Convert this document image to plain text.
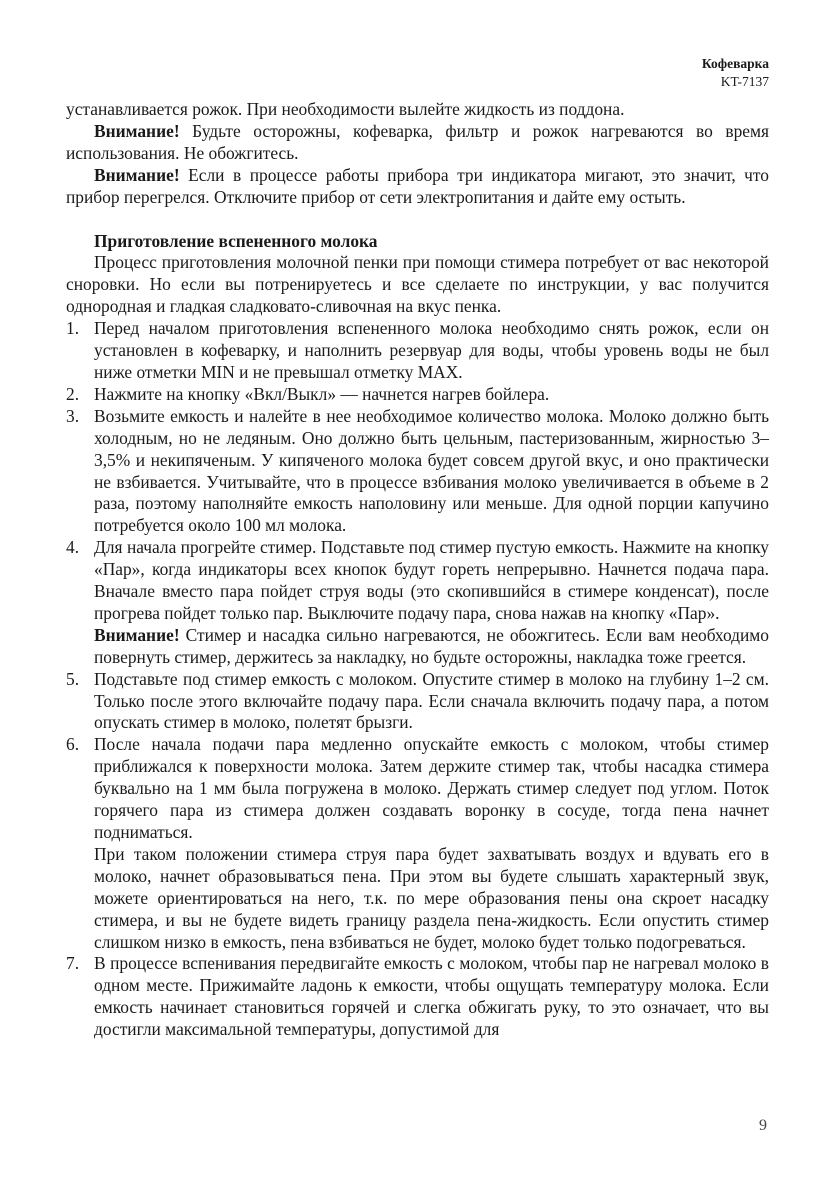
Кофеварка
KT-7137

устанавливается рожок. При необходимости вылейте жидкость из поддона.

Внимание! Будьте осторожны, кофеварка, фильтр и рожок нагреваются во время использования. Не обожгитесь.

Внимание! Если в процессе работы прибора три индикатора мигают, это значит, что прибор перегрелся. Отключите прибор от сети электропитания и дайте ему остыть.

Приготовление вспененного молока

Процесс приготовления молочной пенки при помощи стимера потребует от вас некоторой сноровки. Но если вы потренируетесь и все сделаете по инструкции, у вас получится однородная и гладкая сладковато-сливочная на вкус пенка.

1. Перед началом приготовления вспененного молока необходимо снять рожок, если он установлен в кофеварку, и наполнить резервуар для воды, чтобы уровень воды не был ниже отметки MIN и не превышал отметку MAX.

2. Нажмите на кнопку «Вкл/Выкл» — начнется нагрев бойлера.

3. Возьмите емкость и налейте в нее необходимое количество молока. Молоко должно быть холодным, но не ледяным. Оно должно быть цельным, пастеризованным, жирностью 3–3,5% и некипяченым. У кипяченого молока будет совсем другой вкус, и оно практически не взбивается. Учитывайте, что в процессе взбивания молоко увеличивается в объеме в 2 раза, поэтому наполняйте емкость наполовину или меньше. Для одной порции капучино потребуется около 100 мл молока.

4. Для начала прогрейте стимер. Подставьте под стимер пустую емкость. Нажмите на кнопку «Пар», когда индикаторы всех кнопок будут гореть непрерывно. Начнется подача пара. Вначале вместо пара пойдет струя воды (это скопившийся в стимере конденсат), после прогрева пойдет только пар. Выключите подачу пара, снова нажав на кнопку «Пар».

Внимание! Стимер и насадка сильно нагреваются, не обожгитесь. Если вам необходимо повернуть стимер, держитесь за накладку, но будьте осторожны, накладка тоже греется.

5. Подставьте под стимер емкость с молоком. Опустите стимер в молоко на глубину 1–2 см. Только после этого включайте подачу пара. Если сначала включить подачу пара, а потом опускать стимер в молоко, полетят брызги.

6. После начала подачи пара медленно опускайте емкость с молоком, чтобы стимер приближался к поверхности молока. Затем держите стимер так, чтобы насадка стимера буквально на 1 мм была погружена в молоко. Держать стимер следует под углом. Поток горячего пара из стимера должен создавать воронку в сосуде, тогда пена начнет подниматься.

При таком положении стимера струя пара будет захватывать воздух и вдувать его в молоко, начнет образовываться пена. При этом вы будете слышать характерный звук, можете ориентироваться на него, т.к. по мере образования пены она скроет насадку стимера, и вы не будете видеть границу раздела пена-жидкость. Если опустить стимер слишком низко в емкость, пена взбиваться не будет, молоко будет только подогреваться.

7. В процессе вспенивания передвигайте емкость с молоком, чтобы пар не нагревал молоко в одном месте. Прижимайте ладонь к емкости, чтобы ощущать температуру молока. Если емкость начинает становиться горячей и слегка обжигать руку, то это означает, что вы достигли максимальной температуры, допустимой для

9
